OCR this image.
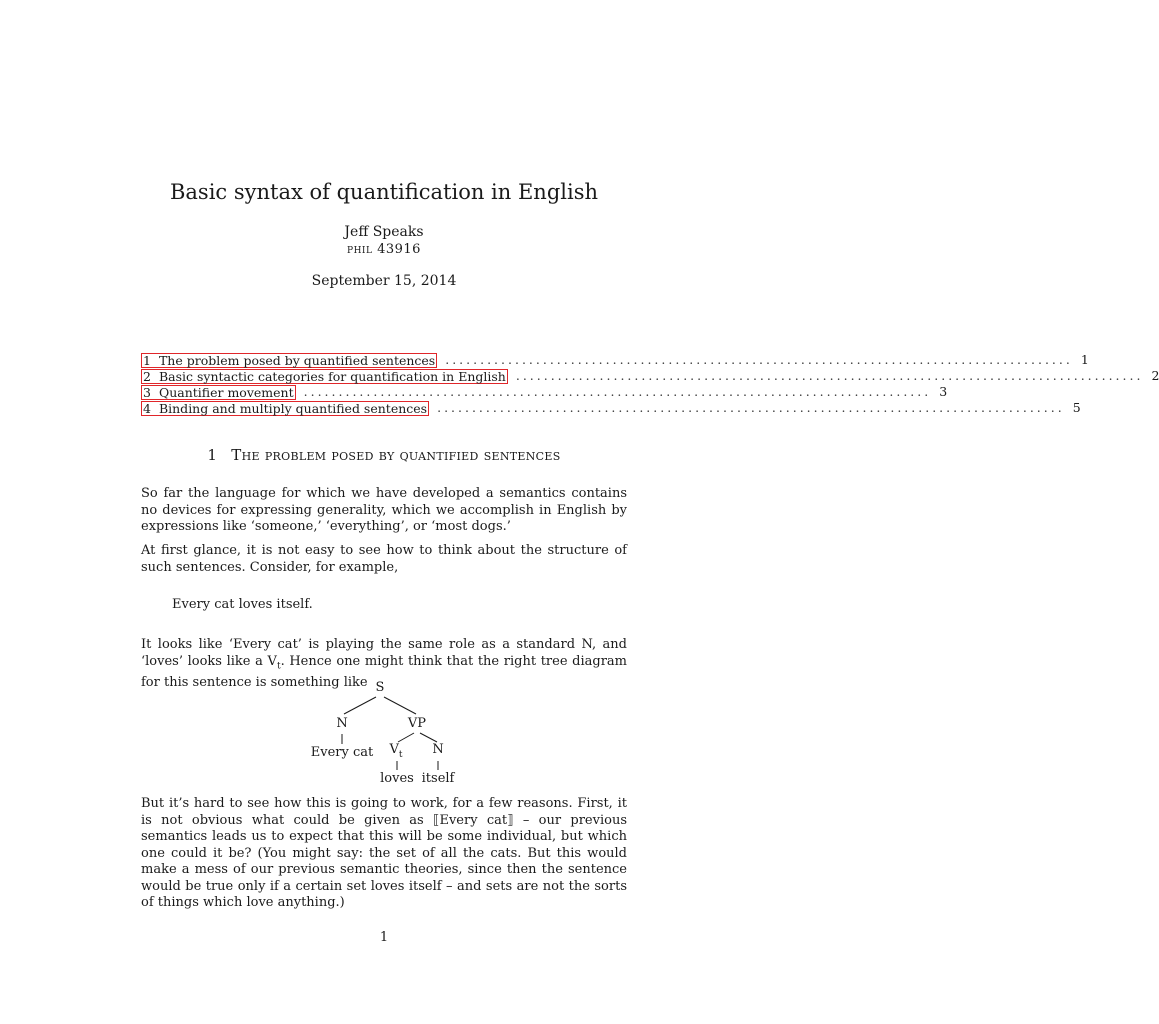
Basic syntax of quantification in English
Jeff Speaks
phil 43916
September 15, 2014
1 The problem posed by quantified sentences .......................................................................................... 1
2 Basic syntactic categories for quantification in English .......................................................................................... 2
3 Quantifier movement .......................................................................................... 3
4 Binding and multiply quantified sentences .......................................................................................... 5
1 The problem posed by quantified sentences
So far the language for which we have developed a semantics contains no devices for expressing generality, which we accomplish in English by expressions like ‘someone,’ ‘everything’, or ‘most dogs.’
At first glance, it is not easy to see how to think about the structure of such sentences. Consider, for example,
Every cat loves itself.
It looks like ‘Every cat’ is playing the same role as a standard N, and ‘loves’ looks like a $V_t$. Hence one might think that the right tree diagram for this sentence is something like S
N	VP
Every cat $V_t$ N
loves itself
But it’s hard to see how this is going to work, for a few reasons. First, it is not obvious what could be given as ⟦Every cat⟧ – our previous semantics leads us to expect that this will be some individual, but which one could it be? (You might say: the set of all the cats. But this would make a mess of our previous semantic theories, since then the sentence would be true only if a certain set loves itself – and sets are not the sorts of things which love anything.)
1
